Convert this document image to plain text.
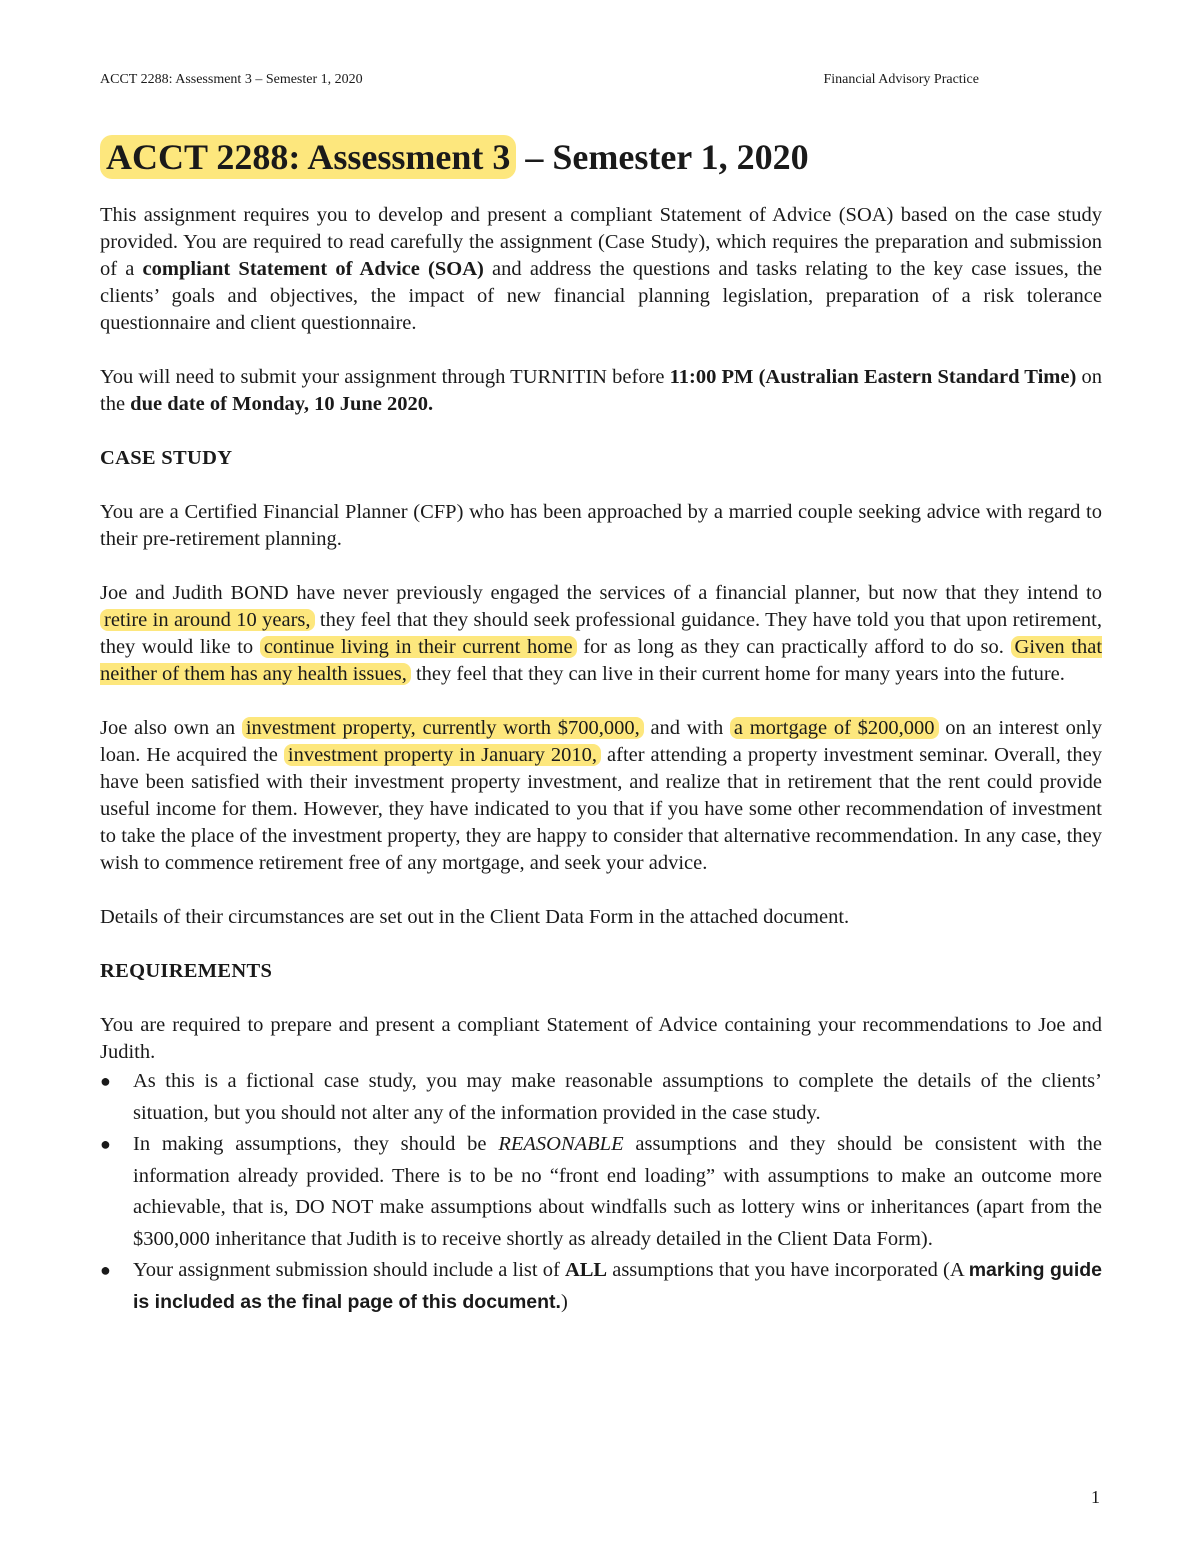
ACCT 2288: Assessment 3 – Semester 1, 2020	Financial Advisory Practice
ACCT 2288: Assessment 3 – Semester 1, 2020

This assignment requires you to develop and present a compliant Statement of Advice (SOA) based on the case study provided. You are required to read carefully the assignment (Case Study), which requires the preparation and submission of a compliant Statement of Advice (SOA) and address the questions and tasks relating to the key case issues, the clients’ goals and objectives, the impact of new financial planning legislation, preparation of a risk tolerance questionnaire and client questionnaire.

You will need to submit your assignment through TURNITIN before 11:00 PM (Australian Eastern Standard Time) on the due date of Monday, 10 June 2020.

CASE STUDY

You are a Certified Financial Planner (CFP) who has been approached by a married couple seeking advice with regard to their pre-retirement planning.

Joe and Judith BOND have never previously engaged the services of a financial planner, but now that they intend to retire in around 10 years, they feel that they should seek professional guidance. They have told you that upon retirement, they would like to continue living in their current home for as long as they can practically afford to do so. Given that neither of them has any health issues, they feel that they can live in their current home for many years into the future.

Joe also own an investment property, currently worth $700,000, and with a mortgage of $200,000 on an interest only loan. He acquired the investment property in January 2010, after attending a property investment seminar. Overall, they have been satisfied with their investment property investment, and realize that in retirement that the rent could provide useful income for them. However, they have indicated to you that if you have some other recommendation of investment to take the place of the investment property, they are happy to consider that alternative recommendation. In any case, they wish to commence retirement free of any mortgage, and seek your advice.

Details of their circumstances are set out in the Client Data Form in the attached document.

REQUIREMENTS

You are required to prepare and present a compliant Statement of Advice containing your recommendations to Joe and Judith.

● As this is a fictional case study, you may make reasonable assumptions to complete the details of the clients’ situation, but you should not alter any of the information provided in the case study.
● In making assumptions, they should be REASONABLE assumptions and they should be consistent with the information already provided. There is to be no “front end loading” with assumptions to make an outcome more achievable, that is, DO NOT make assumptions about windfalls such as lottery wins or inheritances (apart from the $300,000 inheritance that Judith is to receive shortly as already detailed in the Client Data Form).
● Your assignment submission should include a list of ALL assumptions that you have incorporated (A marking guide is included as the final page of this document.)
1
